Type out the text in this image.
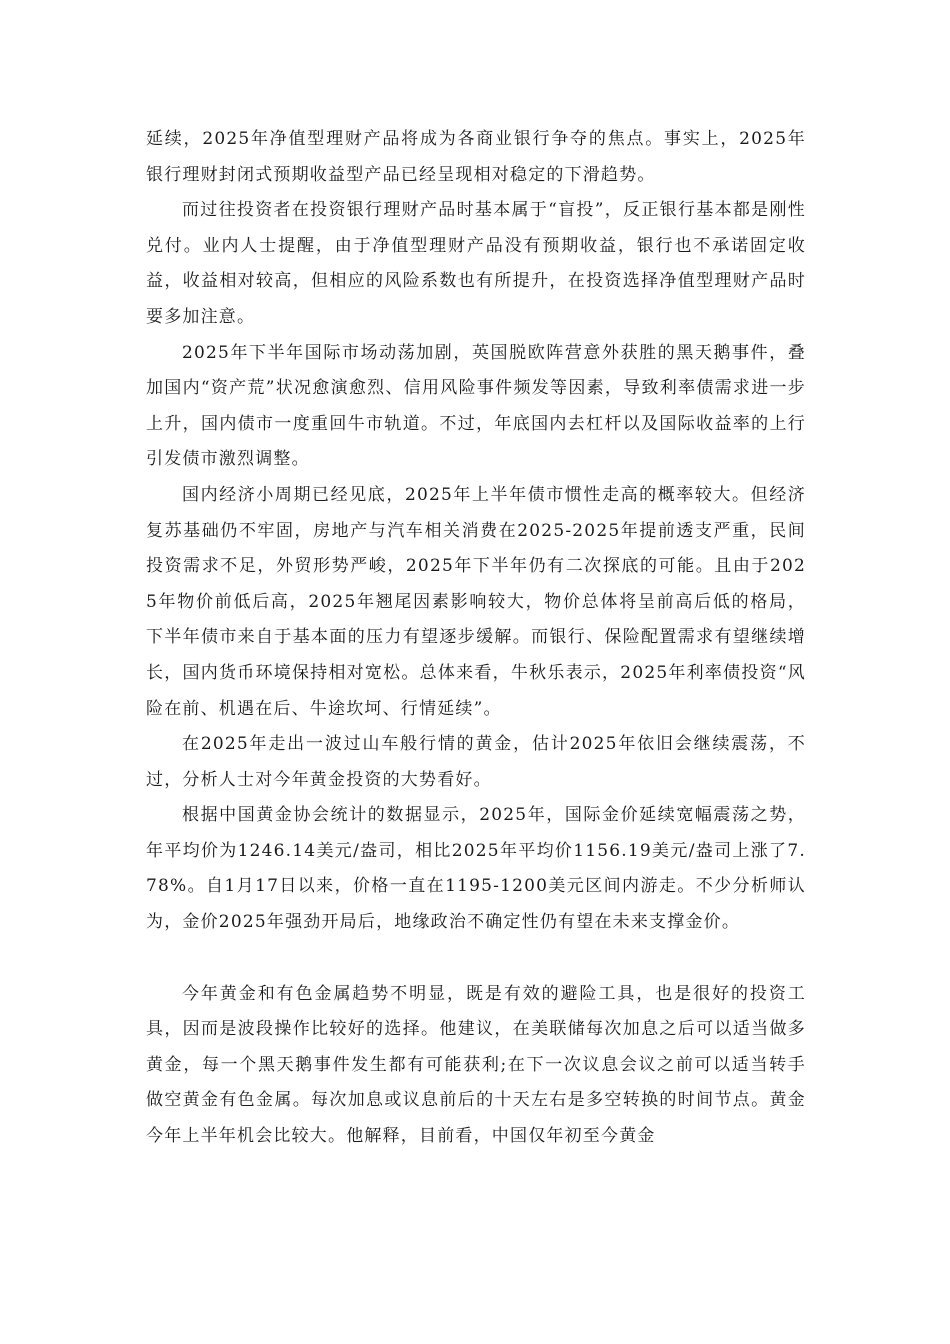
延续，2025年净值型理财产品将成为各商业银行争夺的焦点。事实上，2025年银行理财封闭式预期收益型产品已经呈现相对稳定的下滑趋势。

而过往投资者在投资银行理财产品时基本属于“盲投”，反正银行基本都是刚性兑付。业内人士提醒，由于净值型理财产品没有预期收益，银行也不承诺固定收益，收益相对较高，但相应的风险系数也有所提升，在投资选择净值型理财产品时要多加注意。

2025年下半年国际市场动荡加剧，英国脱欧阵营意外获胜的黑天鹅事件，叠加国内“资产荒”状况愈演愈烈、信用风险事件频发等因素，导致利率债需求进一步上升，国内债市一度重回牛市轨道。不过，年底国内去杠杆以及国际收益率的上行引发债市激烈调整。

国内经济小周期已经见底，2025年上半年债市惯性走高的概率较大。但经济复苏基础仍不牢固，房地产与汽车相关消费在2025-2025年提前透支严重，民间投资需求不足，外贸形势严峻，2025年下半年仍有二次探底的可能。且由于2025年物价前低后高，2025年翘尾因素影响较大，物价总体将呈前高后低的格局，下半年债市来自于基本面的压力有望逐步缓解。而银行、保险配置需求有望继续增长，国内货币环境保持相对宽松。总体来看，牛秋乐表示，2025年利率债投资“风险在前、机遇在后、牛途坎坷、行情延续”。

在2025年走出一波过山车般行情的黄金，估计2025年依旧会继续震荡，不过，分析人士对今年黄金投资的大势看好。

根据中国黄金协会统计的数据显示，2025年，国际金价延续宽幅震荡之势，年平均价为1246.14美元/盎司，相比2025年平均价1156.19美元/盎司上涨了7.78%。自1月17日以来，价格一直在1195-1200美元区间内游走。不少分析师认为，金价2025年强劲开局后，地缘政治不确定性仍有望在未来支撑金价。

今年黄金和有色金属趋势不明显，既是有效的避险工具，也是很好的投资工具，因而是波段操作比较好的选择。他建议，在美联储每次加息之后可以适当做多黄金，每一个黑天鹅事件发生都有可能获利;在下一次议息会议之前可以适当转手做空黄金有色金属。每次加息或议息前后的十天左右是多空转换的时间节点。黄金今年上半年机会比较大。他解释，目前看，中国仅年初至今黄金
